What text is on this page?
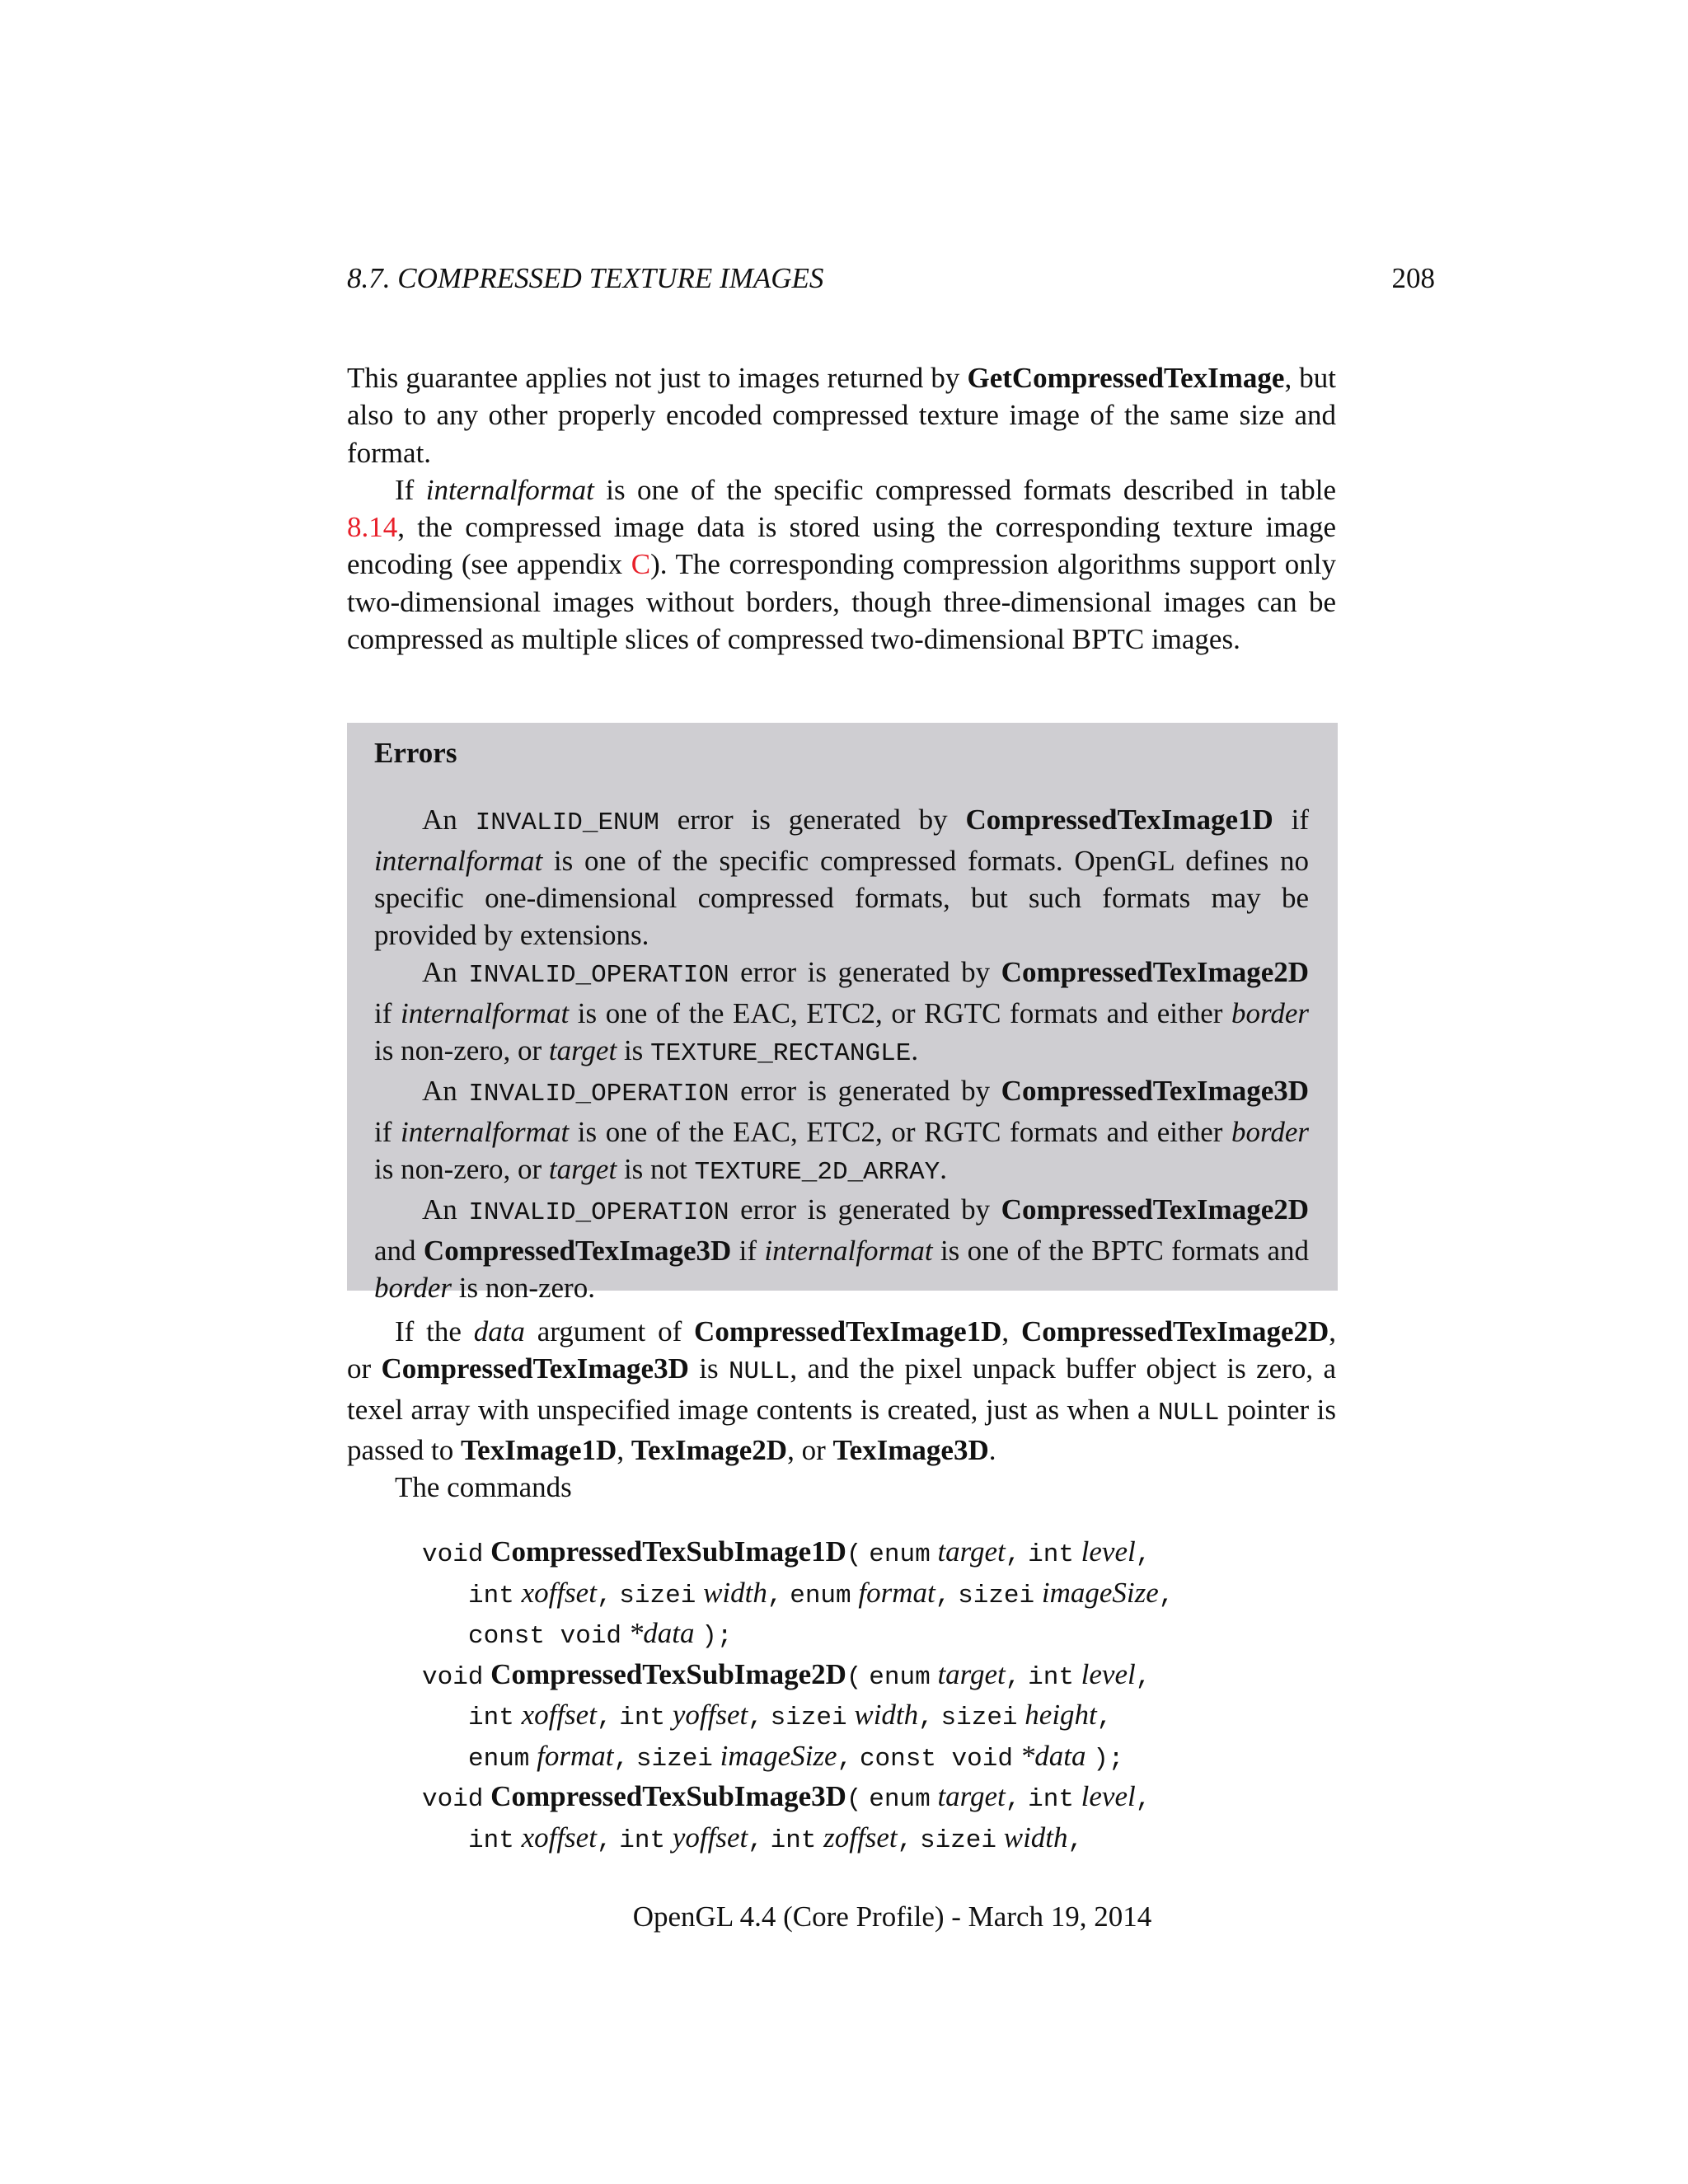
8.7. COMPRESSED TEXTURE IMAGES	208

This guarantee applies not just to images returned by GetCompressedTexImage, but also to any other properly encoded compressed texture image of the same size and format.

If internalformat is one of the specific compressed formats described in table 8.14, the compressed image data is stored using the corresponding texture image encoding (see appendix C). The corresponding compression algorithms support only two-dimensional images without borders, though three-dimensional images can be compressed as multiple slices of compressed two-dimensional BPTC images.

Errors

An INVALID_ENUM error is generated by CompressedTexImage1D if internalformat is one of the specific compressed formats. OpenGL defines no specific one-dimensional compressed formats, but such formats may be provided by extensions.

An INVALID_OPERATION error is generated by CompressedTexImage2D if internalformat is one of the EAC, ETC2, or RGTC formats and either border is non-zero, or target is TEXTURE_RECTANGLE.

An INVALID_OPERATION error is generated by CompressedTexImage3D if internalformat is one of the EAC, ETC2, or RGTC formats and either border is non-zero, or target is not TEXTURE_2D_ARRAY.

An INVALID_OPERATION error is generated by CompressedTexImage2D and CompressedTexImage3D if internalformat is one of the BPTC formats and border is non-zero.

If the data argument of CompressedTexImage1D, CompressedTexImage2D, or CompressedTexImage3D is NULL, and the pixel unpack buffer object is zero, a texel array with unspecified image contents is created, just as when a NULL pointer is passed to TexImage1D, TexImage2D, or TexImage3D.

The commands

void CompressedTexSubImage1D( enum target, int level,
int xoffset, sizei width, enum format, sizei imageSize,
const void *data );
void CompressedTexSubImage2D( enum target, int level,
int xoffset, int yoffset, sizei width, sizei height,
enum format, sizei imageSize, const void *data );
void CompressedTexSubImage3D( enum target, int level,
int xoffset, int yoffset, int zoffset, sizei width,
OpenGL 4.4 (Core Profile) - March 19, 2014
